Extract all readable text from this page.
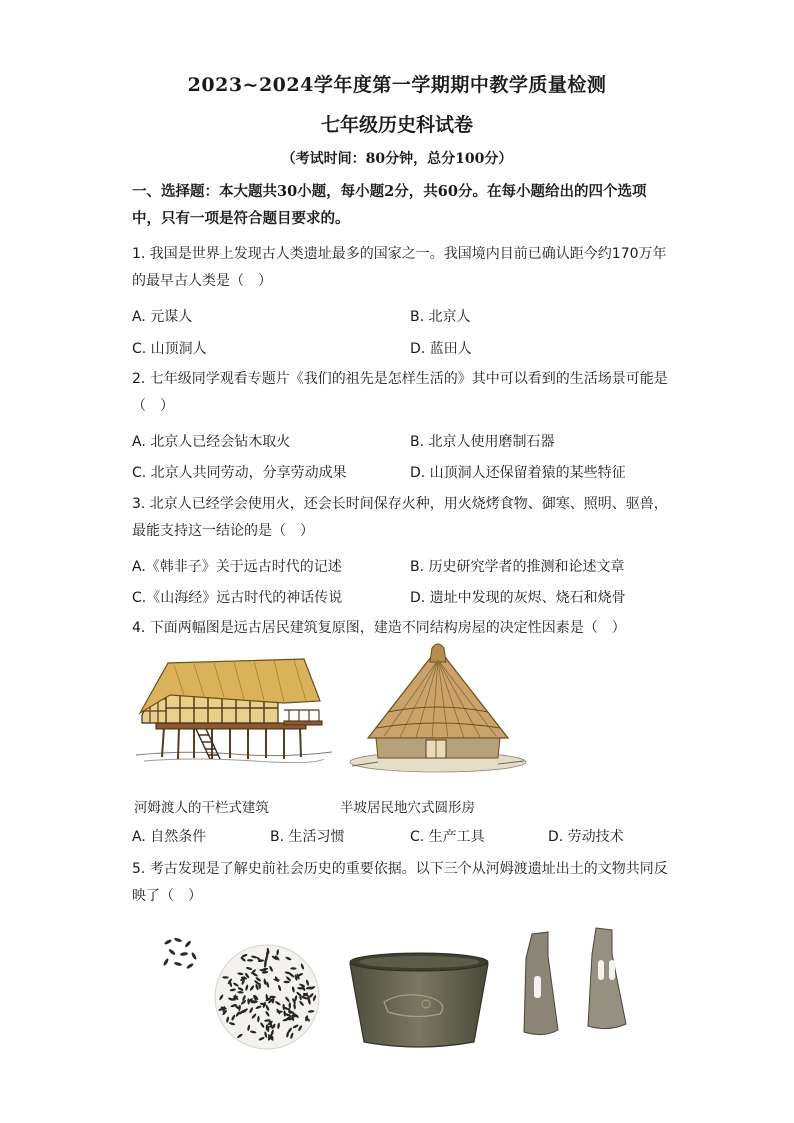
2023~2024学年度第一学期期中教学质量检测
七年级历史科试卷
（考试时间：80分钟，总分100分）
一、选择题：本大题共30小题，每小题2分，共60分。在每小题给出的四个选项中，只有一项是符合题目要求的。
1. 我国是世界上发现古人类遗址最多的国家之一。我国境内目前已确认距今约170万年的最早古人类是（　）
A. 元谋人	B. 北京人
C. 山顶洞人	D. 蓝田人
2. 七年级同学观看专题片《我们的祖先是怎样生活的》其中可以看到的生活场景可能是（　）
A. 北京人已经会钻木取火	B. 北京人使用磨制石器
C. 北京人共同劳动，分享劳动成果	D. 山顶洞人还保留着猿的某些特征
3. 北京人已经学会使用火，还会长时间保存火种，用火烧烤食物、御寒、照明、驱兽，最能支持这一结论的是（　）
A.《韩非子》关于远古时代的记述	B. 历史研究学者的推测和论述文章
C.《山海经》远古时代的神话传说	D. 遗址中发现的灰烬、烧石和烧骨
4. 下面两幅图是远古居民建筑复原图，建造不同结构房屋的决定性因素是（　）
河姆渡人的干栏式建筑	半坡居民地穴式圆形房
A. 自然条件	B. 生活习惯	C. 生产工具	D. 劳动技术
5. 考古发现是了解史前社会历史的重要依据。以下三个从河姆渡遗址出土的文物共同反映了（　）
